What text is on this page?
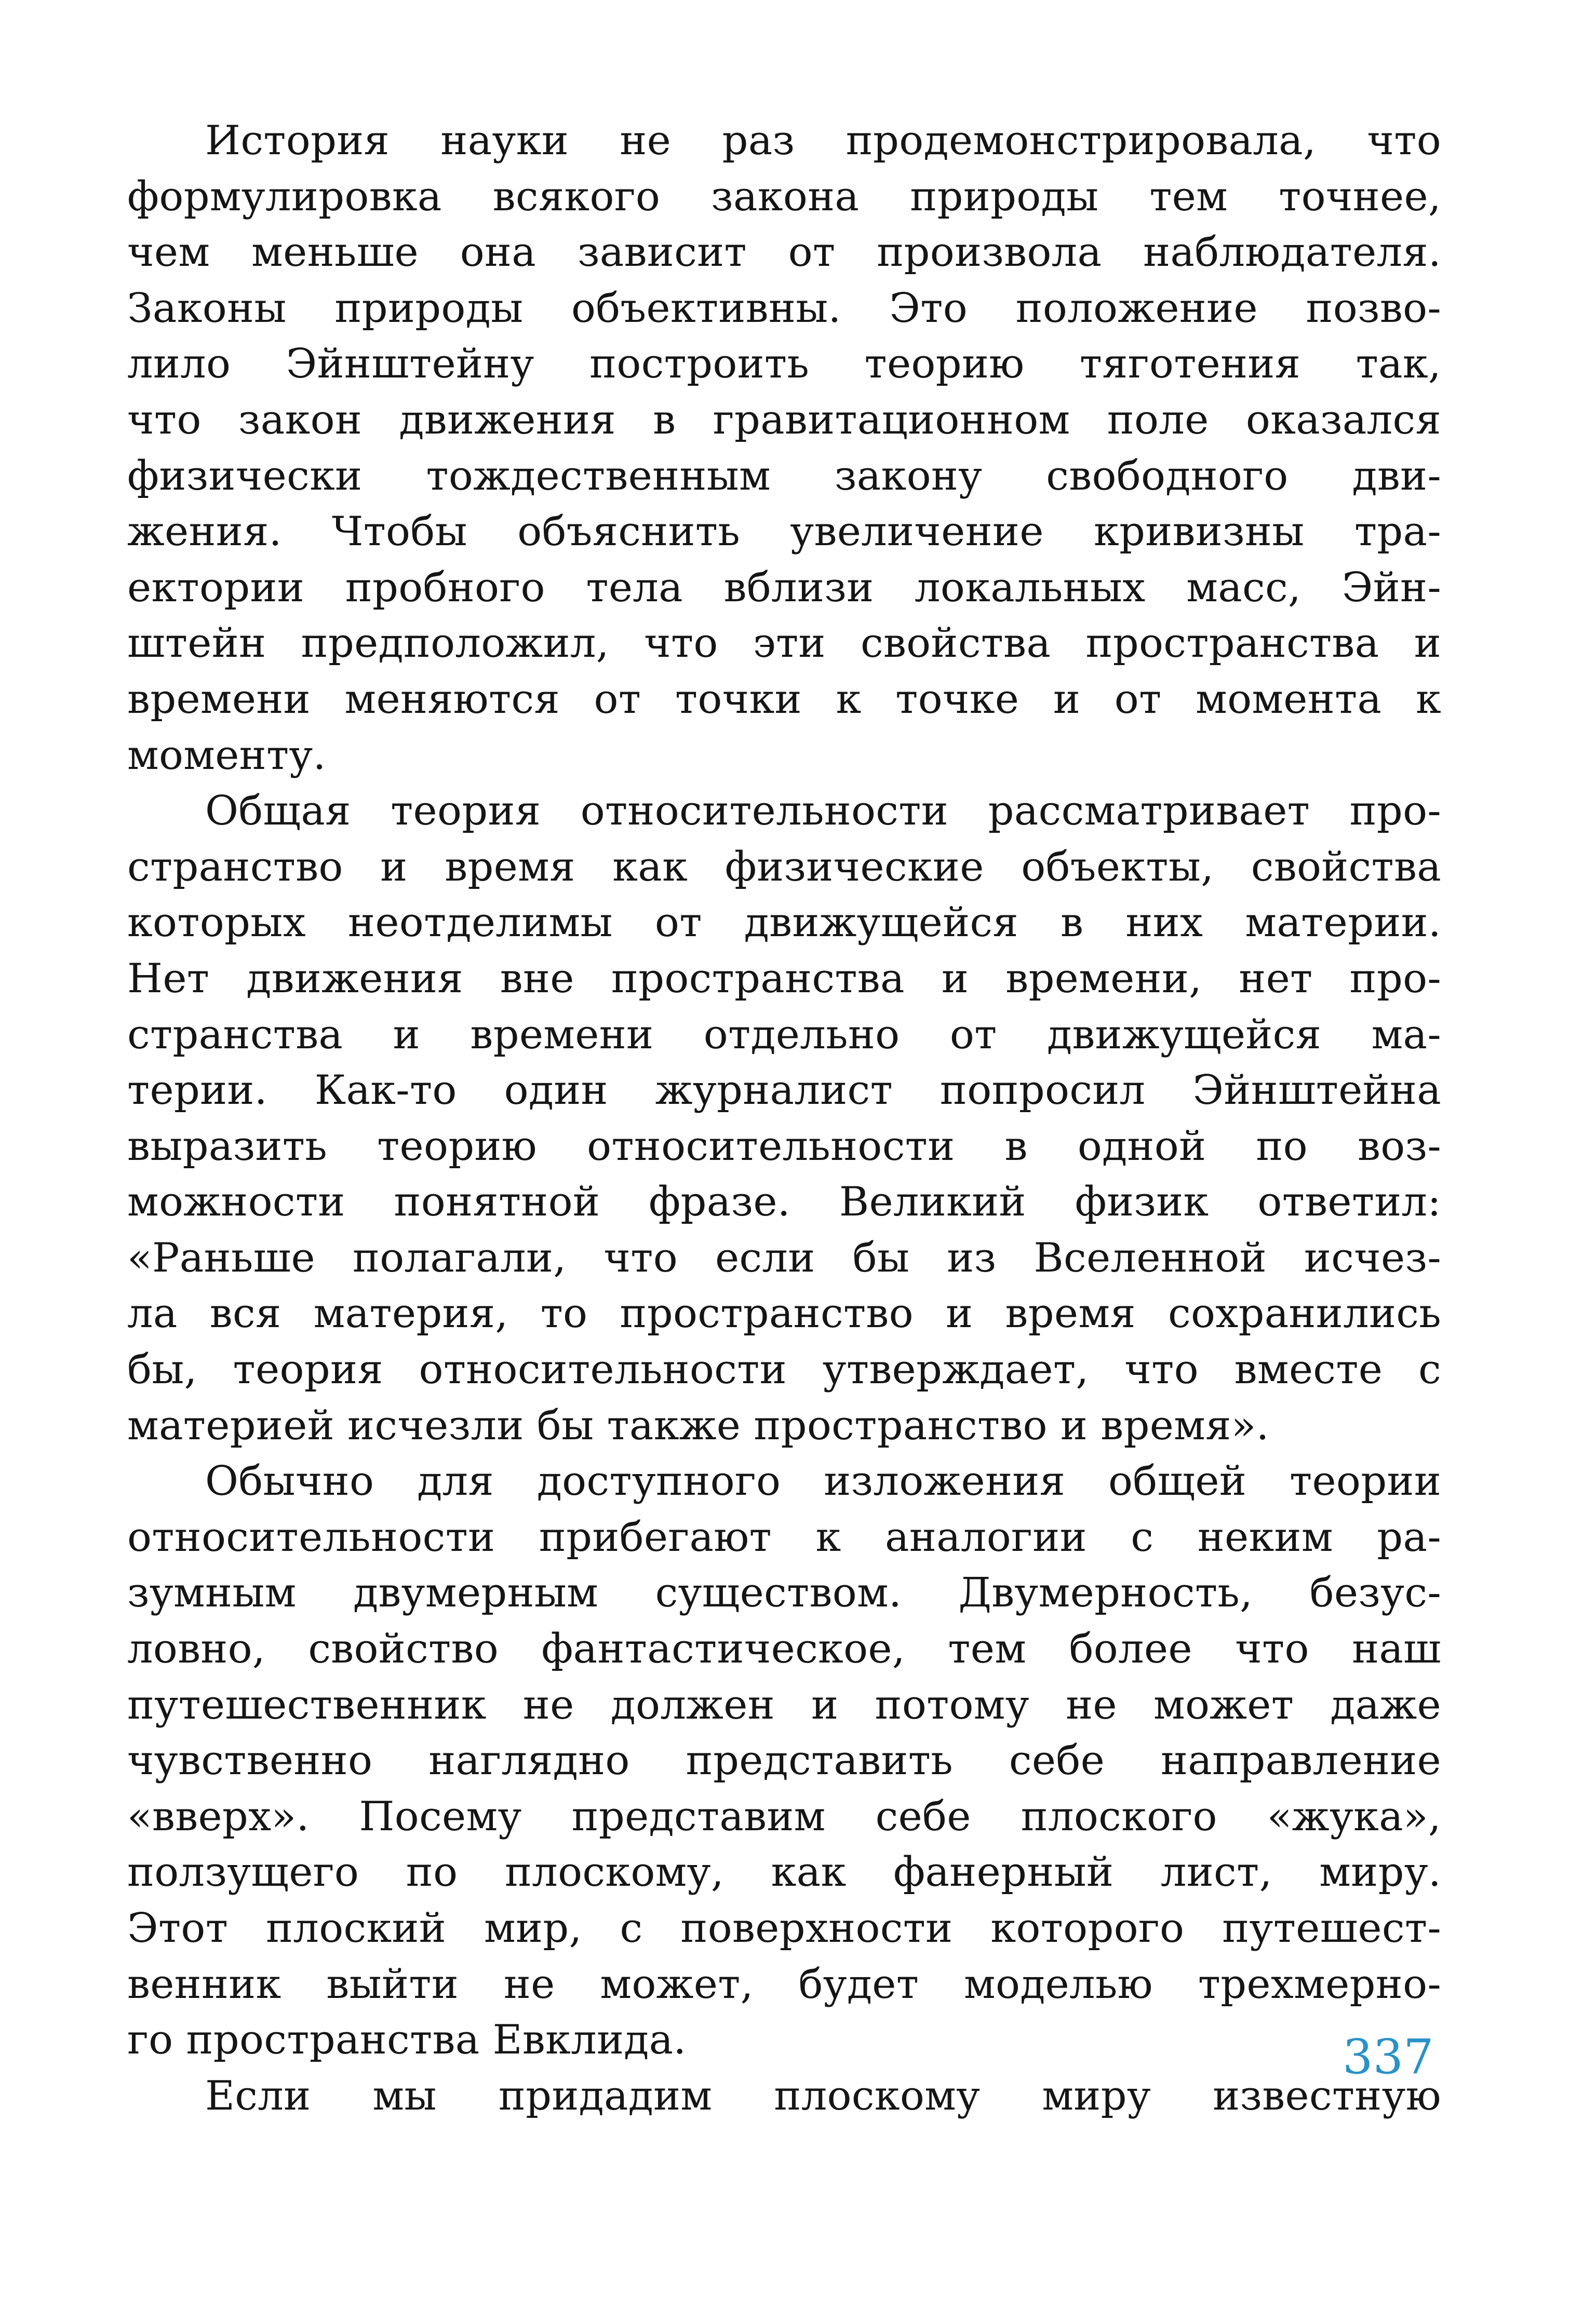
История науки не раз продемонстрировала, что
формулировка всякого закона природы тем точнее,
чем меньше она зависит от произвола наблюдателя.
Законы природы объективны. Это положение позво-
лило Эйнштейну построить теорию тяготения так,
что закон движения в гравитационном поле оказался
физически тождественным закону свободного дви-
жения. Чтобы объяснить увеличение кривизны тра-
ектории пробного тела вблизи локальных масс, Эйн-
штейн предположил, что эти свойства пространства и
времени меняются от точки к точке и от момента к
моменту.
Общая теория относительности рассматривает про-
странство и время как физические объекты, свойства
которых неотделимы от движущейся в них материи.
Нет движения вне пространства и времени, нет про-
странства и времени отдельно от движущейся ма-
терии. Как-то один журналист попросил Эйнштейна
выразить теорию относительности в одной по воз-
можности понятной фразе. Великий физик ответил:
«Раньше полагали, что если бы из Вселенной исчез-
ла вся материя, то пространство и время сохранились
бы, теория относительности утверждает, что вместе с
материей исчезли бы также пространство и время».
Обычно для доступного изложения общей теории
относительности прибегают к аналогии с неким ра-
зумным двумерным существом. Двумерность, безус-
ловно, свойство фантастическое, тем более что наш
путешественник не должен и потому не может даже
чувственно наглядно представить себе направление
«вверх». Посему представим себе плоского «жука»,
ползущего по плоскому, как фанерный лист, миру.
Этот плоский мир, с поверхности которого путешест-
венник выйти не может, будет моделью трехмерно-
го пространства Евклида.
Если мы придадим плоскому миру известную
337
